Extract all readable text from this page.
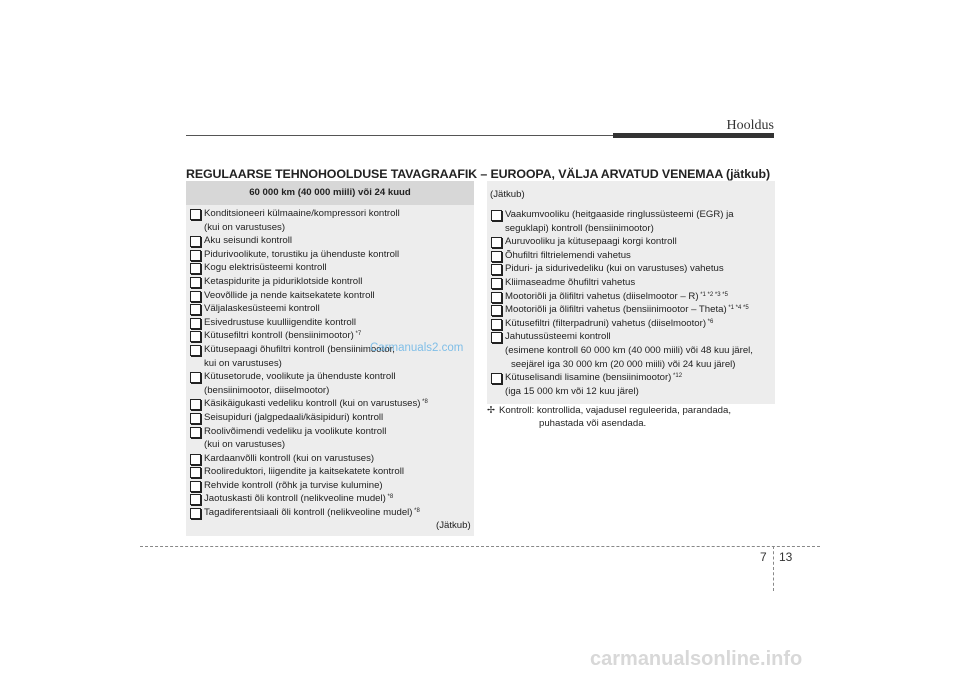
Hooldus
REGULAARSE TEHNOHOOLDUSE TAVAGRAAFIK – EUROOPA, VÄLJA ARVATUD VENEMAA (jätkub)
60 000 km (40 000 miili) või 24 kuud
Konditsioneeri külmaaine/kompressori kontroll
(kui on varustuses)
Aku seisundi kontroll
Pidurivoolikute, torustiku ja ühenduste kontroll
Kogu elektrisüsteemi kontroll
Ketaspidurite ja piduriklotside kontroll
Veovõllide ja nende kaitsekatete kontroll
Väljalaskesüsteemi kontroll
Esivedrustuse kuulliigendite kontroll
Kütusefiltri kontroll (bensiinimootor) $^{*7}$
Kütusepaagi õhufiltri kontroll (bensiinimootor,
kui on varustuses)
Kütusetorude, voolikute ja ühenduste kontroll
(bensiinimootor, diiselmootor)
Käsikäigukasti vedeliku kontroll (kui on varustuses) $^{*8}$
Seisupiduri (jalgpedaali/käsipiduri) kontroll
Roolivõimendi vedeliku ja voolikute kontroll
(kui on varustuses)
Kardaanvõlli kontroll (kui on varustuses)
Roolireduktori, liigendite ja kaitsekatete kontroll
Rehvide kontroll (rõhk ja turvise kulumine)
Jaotuskasti õli kontroll (nelikveoline mudel) $^{*8}$
Tagadiferentsiaali õli kontroll (nelikveoline mudel) $^{*8}$
(Jätkub)
(Jätkub)
Vaakumvooliku (heitgaaside ringlussüsteemi (EGR) ja
seguklapi) kontroll (bensiinimootor)
Auruvooliku ja kütusepaagi korgi kontroll
Õhufiltri filtrielemendi vahetus
Piduri- ja sidurivedeliku (kui on varustuses) vahetus
Kliimaseadme õhufiltri vahetus
Mootoriõli ja õlifiltri vahetus (diiselmootor – R) $^{*1 *2 *3 *5}$
Mootoriõli ja õlifiltri vahetus (bensiinimootor – Theta) $^{*1 *4 *5}$
Kütusefiltri (filterpadruni) vahetus (diiselmootor) $^{*6}$
Jahutussüsteemi kontroll
(esimene kontroll 60 000 km (40 000 miili) või 48 kuu järel,
seejärel iga 30 000 km (20 000 miili) või 24 kuu järel)
Kütuselisandi lisamine (bensiinimootor) $^{*12}$
(iga 15 000 km või 12 kuu järel)
✢ Kontroll: kontrollida, vajadusel reguleerida, parandada,
puhastada või asendada.
Carmanuals2.com
7 13
carmanualsonline.info
